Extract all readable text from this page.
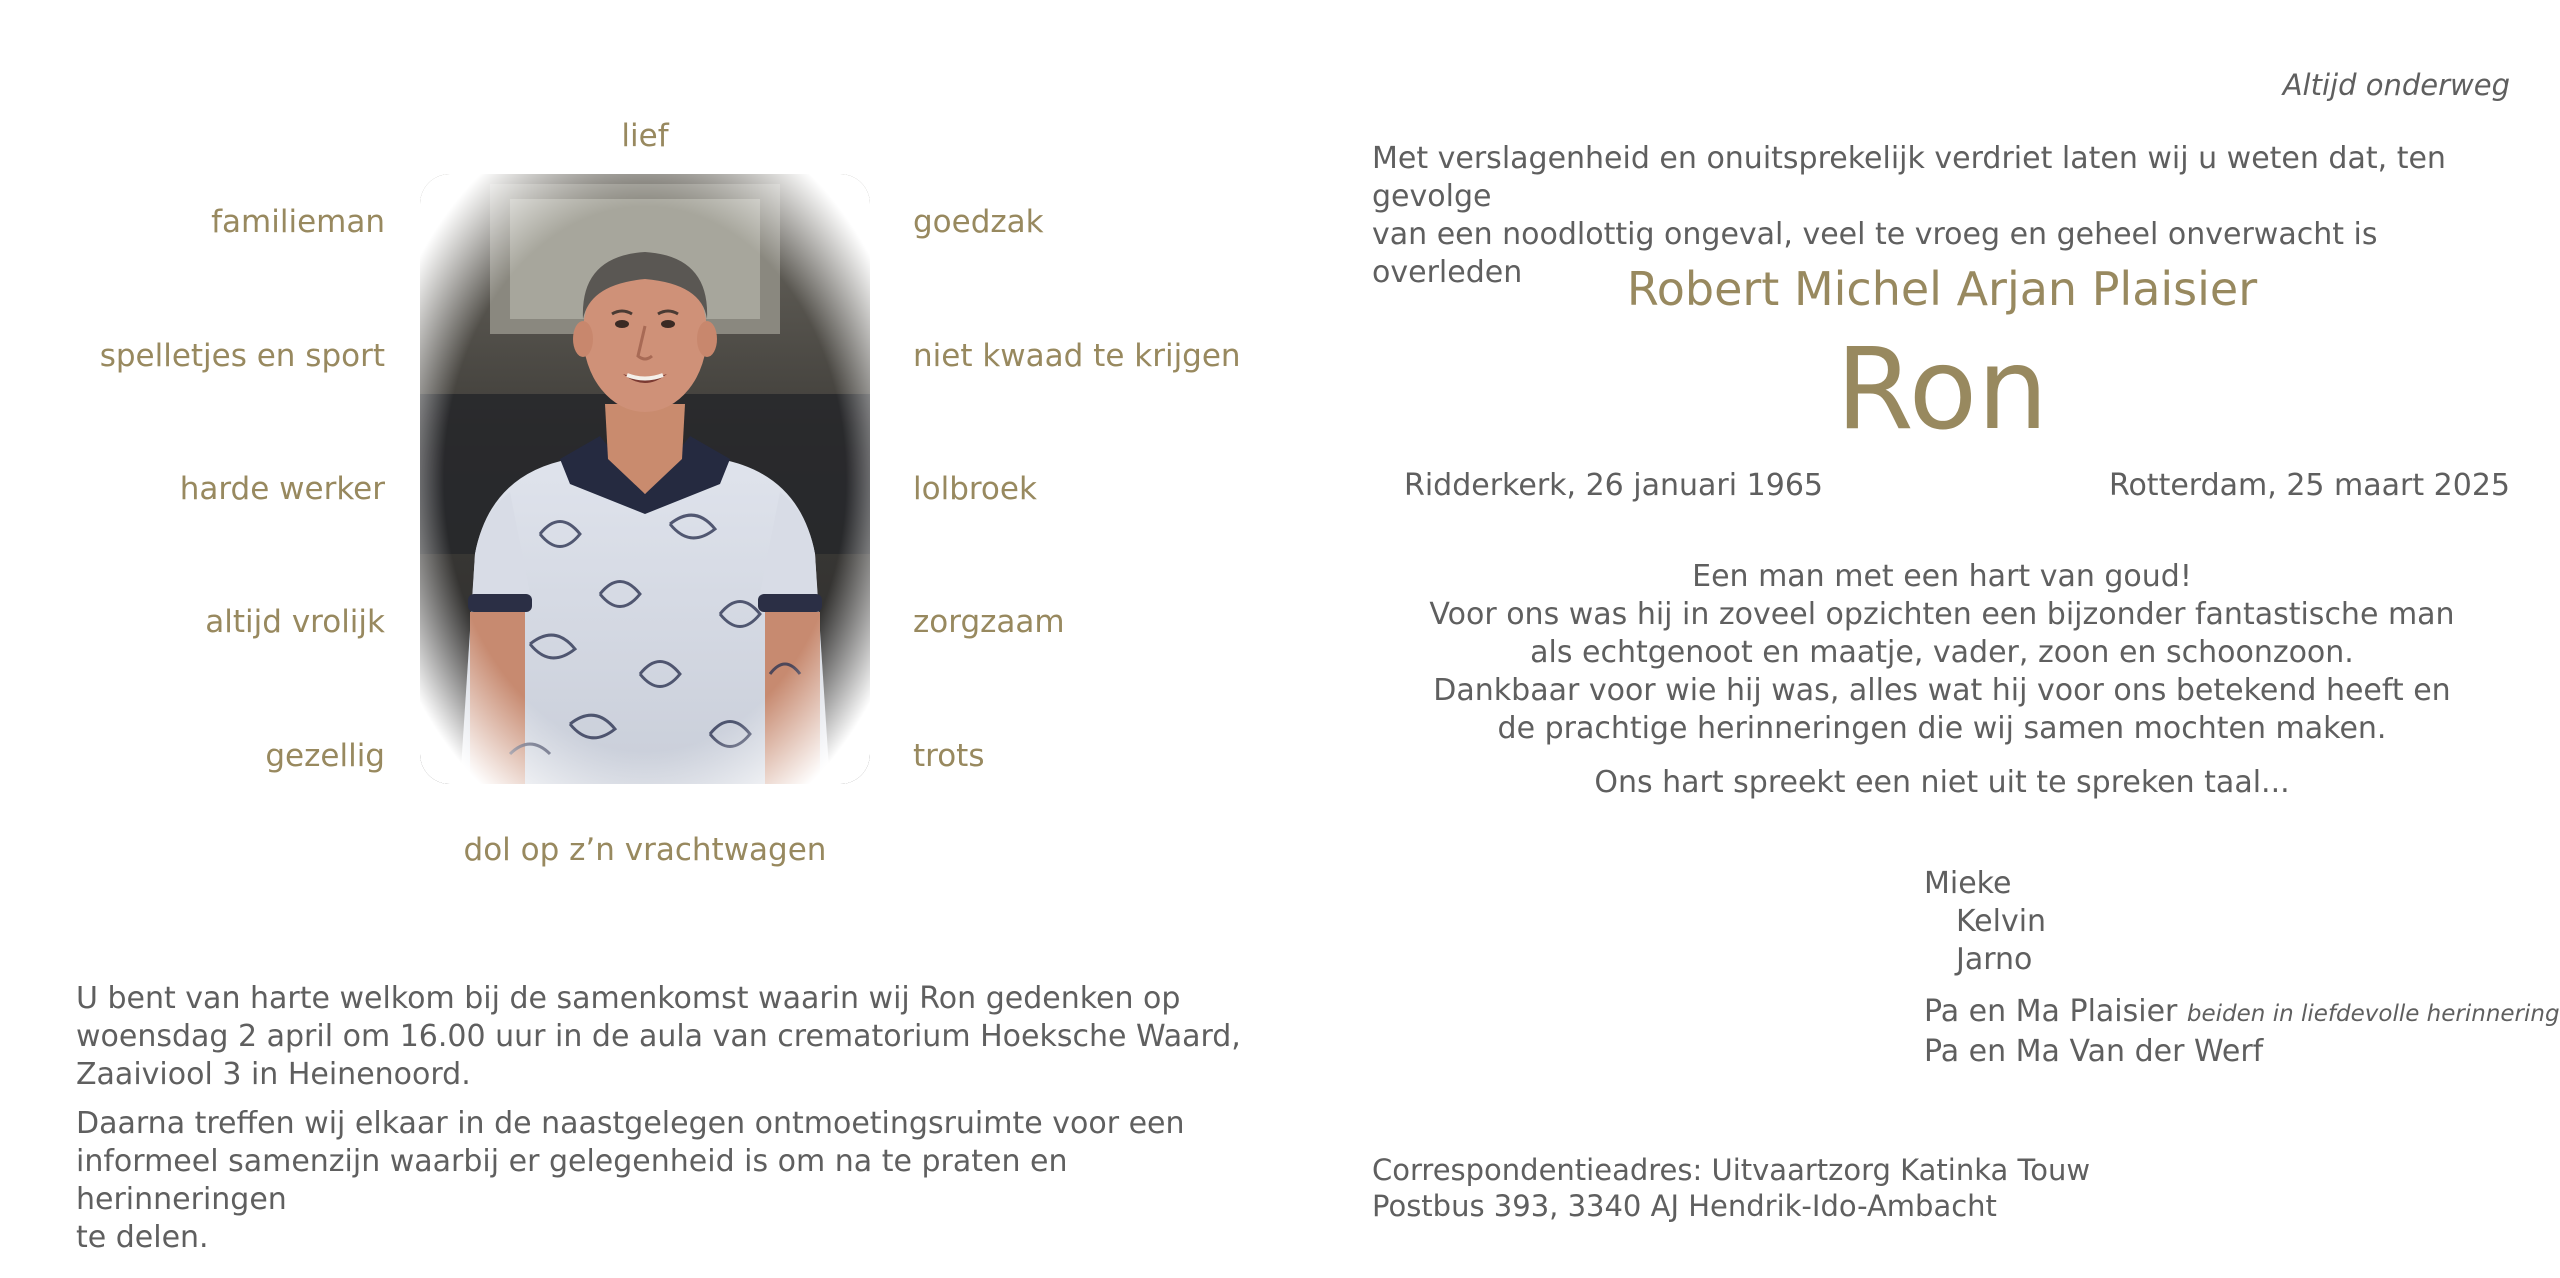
lief
familieman
spelletjes en sport
harde werker
altijd vrolijk
gezellig
goedzak
niet kwaad te krijgen
lolbroek
zorgzaam
trots
dol op z’n vrachtwagen

U bent van harte welkom bij de samenkomst waarin wij Ron gedenken op
woensdag 2 april om 16.00 uur in de aula van crematorium Hoeksche Waard,
Zaaiviool 3 in Heinenoord.

Daarna treffen wij elkaar in de naastgelegen ontmoetingsruimte voor een
informeel samenzijn waarbij er gelegenheid is om na te praten en herinneringen
te delen.

Altijd onderweg
Met verslagenheid en onuitsprekelijk verdriet laten wij u weten dat, ten gevolge
van een noodlottig ongeval, veel te vroeg en geheel onverwacht is overleden	Robert Michel Arjan Plaisier
Ron
Ridderkerk, 26 januari 1965	Rotterdam, 25 maart 2025
Een man met een hart van goud!
Voor ons was hij in zoveel opzichten een bijzonder fantastische man
als echtgenoot en maatje, vader, zoon en schoonzoon.
Dankbaar voor wie hij was, alles wat hij voor ons betekend heeft en
de prachtige herinneringen die wij samen mochten maken.
Ons hart spreekt een niet uit te spreken taal...
Mieke
Kelvin
Jarno
Pa en Ma Plaisier beiden in liefdevolle herinnering
Pa en Ma Van der Werf
Correspondentieadres: Uitvaartzorg Katinka Touw
Postbus 393, 3340 AJ Hendrik-Ido-Ambacht
